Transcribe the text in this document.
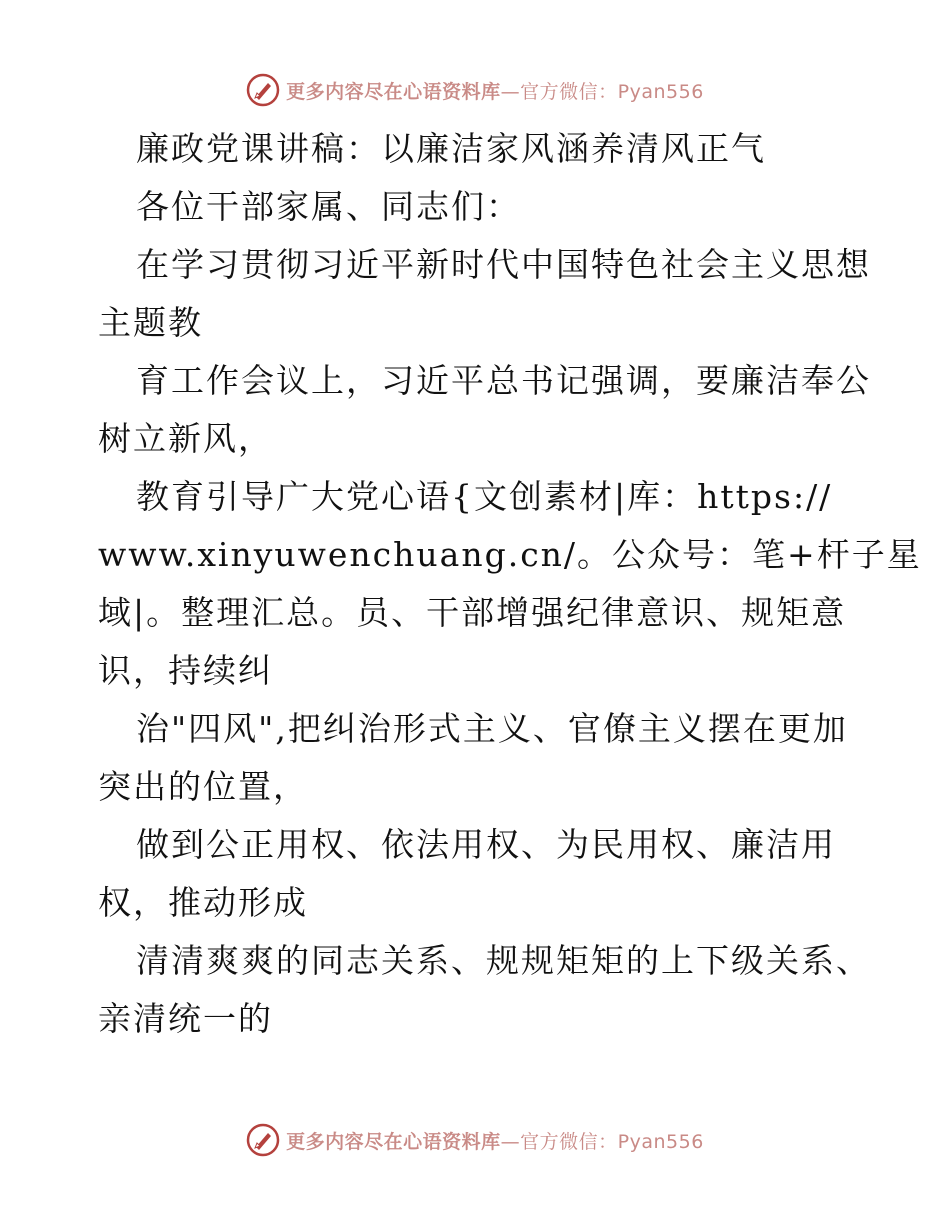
更多内容尽在心语资料库—官方微信：Pyan556
廉政党课讲稿：以廉洁家风涵养清风正气
各位干部家属、同志们：
在学习贯彻习近平新时代中国特色社会主义思想
主题教
育工作会议上，习近平总书记强调，要廉洁奉公
树立新风，
教育引导广大党心语{文创素材|库：https://
www.xinyuwenchuang.cn/。公众号：笔+杆子星
域|。整理汇总。员、干部增强纪律意识、规矩意
识，持续纠
治"四风",把纠治形式主义、官僚主义摆在更加
突出的位置，
做到公正用权、依法用权、为民用权、廉洁用
权，推动形成
清清爽爽的同志关系、规规矩矩的上下级关系、
亲清统一的
更多内容尽在心语资料库—官方微信：Pyan556
